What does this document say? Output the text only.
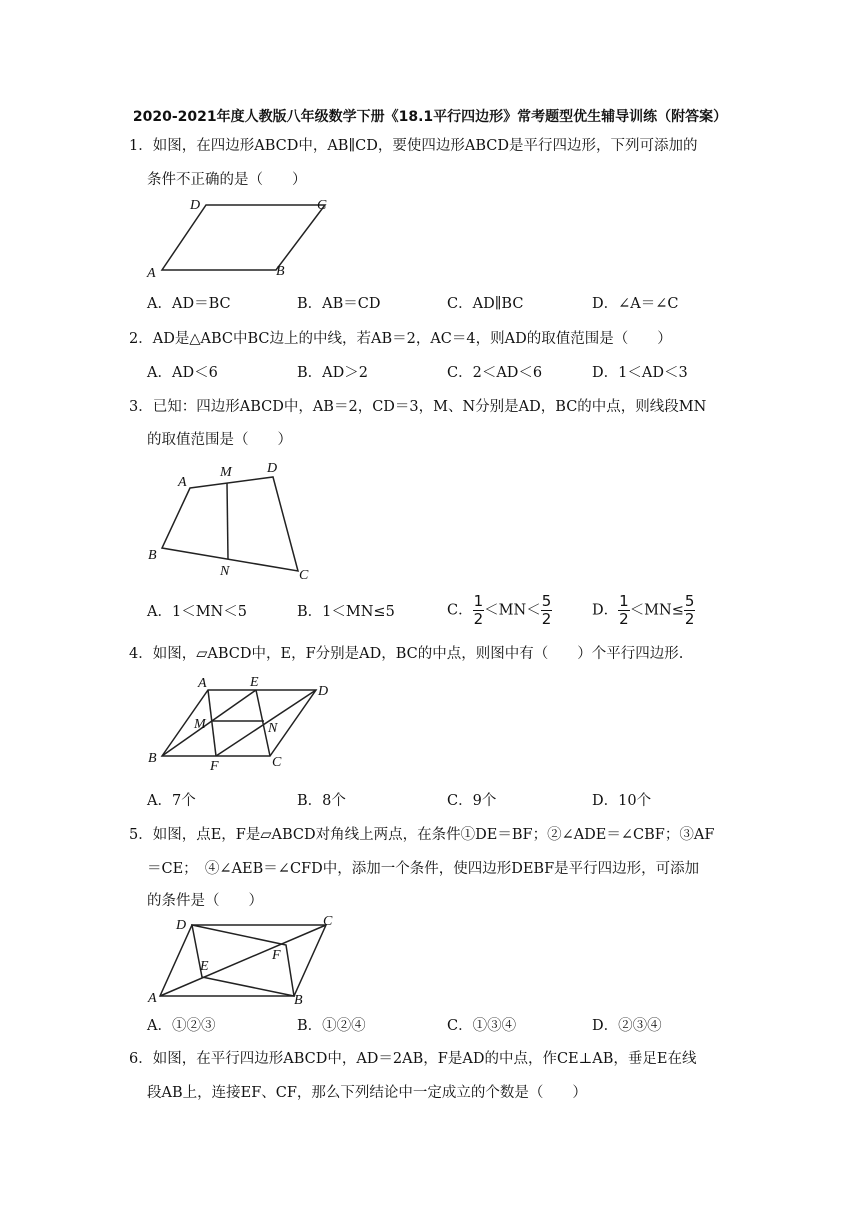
2020-2021年度人教版八年级数学下册《18.1平行四边形》常考题型优生辅导训练（附答案）
1．如图，在四边形ABCD中，AB∥CD，要使四边形ABCD是平行四边形，下列可添加的
条件不正确的是（　　）
A	B
C
D
A．AD＝BC	B．AB＝CD	C．AD∥BC	D．∠A＝∠C
2．AD是△ABC中BC边上的中线，若AB＝2，AC＝4，则AD的取值范围是（　　）
A．AD＜6	B．AD＞2	C．2＜AD＜6	D．1＜AD＜3
3．已知：四边形ABCD中，AB＝2，CD＝3，M、N分别是AD，BC的中点，则线段MN
的取值范围是（　　）
A
B
C
D
M
N
A．1＜MN＜5	B．1＜MN≤5	C． $\frac{1}{2} <MN< \frac{5}{2}$	D． $\frac{1}{2} <MN\le \frac{5}{2}$
4．如图，▱ABCD中，E，F分别是AD，BC的中点，则图中有（　　）个平行四边形.
A	E
D
B
F	C
M	N
A．7个	B．8个	C．9个	D．10个
5．如图，点E，F是▱ABCD对角线上两点，在条件①DE＝BF；②∠ADE＝∠CBF；③AF
＝CE；　④∠AEB＝∠CFD中，添加一个条件，使四边形DEBF是平行四边形，可添加
的条件是（　　）
D	C
A	B
E
F
A．①②③	B．①②④	C．①③④	D．②③④
6．如图，在平行四边形ABCD中，AD＝2AB，F是AD的中点，作CE⊥AB，垂足E在线
段AB上，连接EF、CF，那么下列结论中一定成立的个数是（　　）
